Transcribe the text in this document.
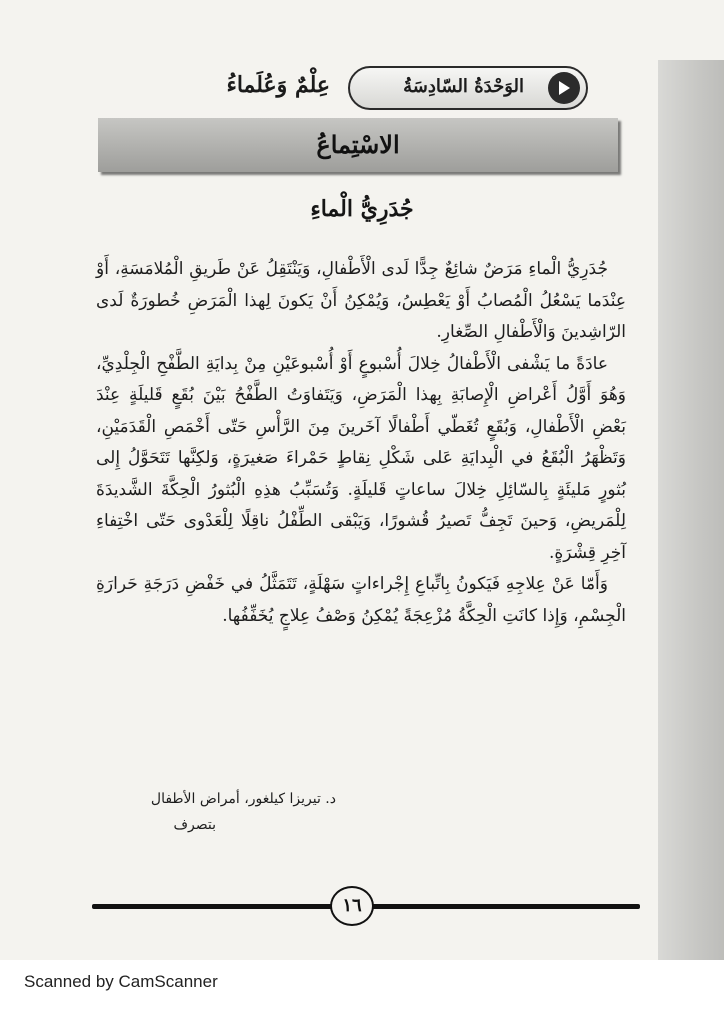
الوَحْدَةُ السّادِسَةُ
عِلْمٌ وَعُلَماءُ
الاسْتِماعُ
جُدَرِيُّ الْماءِ

جُدَرِيُّ الْماءِ مَرَضٌ شائِعٌ جِدًّا لَدى الْأَطْفالِ، وَيَنْتَقِلُ عَنْ طَريقِ الْمُلامَسَةِ، أَوْ عِنْدَما يَسْعُلُ الْمُصابُ أَوْ يَعْطِسُ، وَيُمْكِنُ أَنْ يَكونَ لِهذا الْمَرَضِ خُطورَةٌ لَدى الرّاشِدينَ وَالْأَطْفالِ الصِّغارِ.

عادَةً ما يَشْفى الْأَطْفالُ خِلالَ أُسْبوعٍ أَوْ أُسْبوعَيْنِ مِنْ بِدايَةِ الطَّفْحِ الْجِلْدِيِّ، وَهُوَ أَوَّلُ أَعْراضِ الْإِصابَةِ بِهذا الْمَرَضِ، وَيَتَفاوَتُ الطَّفْحُ بَيْنَ بُقَعٍ قَليلَةٍ عِنْدَ بَعْضِ الْأَطْفالِ، وَبُقَعٍ تُغَطّي أَطْفالًا آخَرينَ مِنَ الرَّأْسِ حَتّى أَخْمَصِ الْقَدَمَيْنِ، وَتَظْهَرُ الْبُقَعُ في الْبِدايَةِ عَلى شَكْلِ نِقاطٍ حَمْراءَ صَغيرَةٍ، وَلكِنَّها تَتَحَوَّلُ إِلى بُثورٍ مَليئَةٍ بِالسّائِلِ خِلالَ ساعاتٍ قَليلَةٍ. وَتُسَبِّبُ هذِهِ الْبُثورُ الْحِكَّةَ الشَّديدَةَ لِلْمَريضِ، وَحينَ تَجِفُّ تَصيرُ قُشورًا، وَيَبْقى الطِّفْلُ ناقِلًا لِلْعَدْوى حَتّى اخْتِفاءِ آخِرِ قِشْرَةٍ.

وَأَمّا عَنْ عِلاجِهِ فَيَكونُ بِاتِّباعِ إِجْراءاتٍ سَهْلَةٍ، تَتَمَثَّلُ في خَفْضِ دَرَجَةِ حَرارَةِ الْجِسْمِ، وَإِذا كانَتِ الْحِكَّةُ مُزْعِجَةً يُمْكِنُ وَصْفُ عِلاجٍ يُخَفِّفُها.

د. تيريزا كيلغور، أمراض الأطفال
بتصرف
١٦
Scanned by CamScanner
